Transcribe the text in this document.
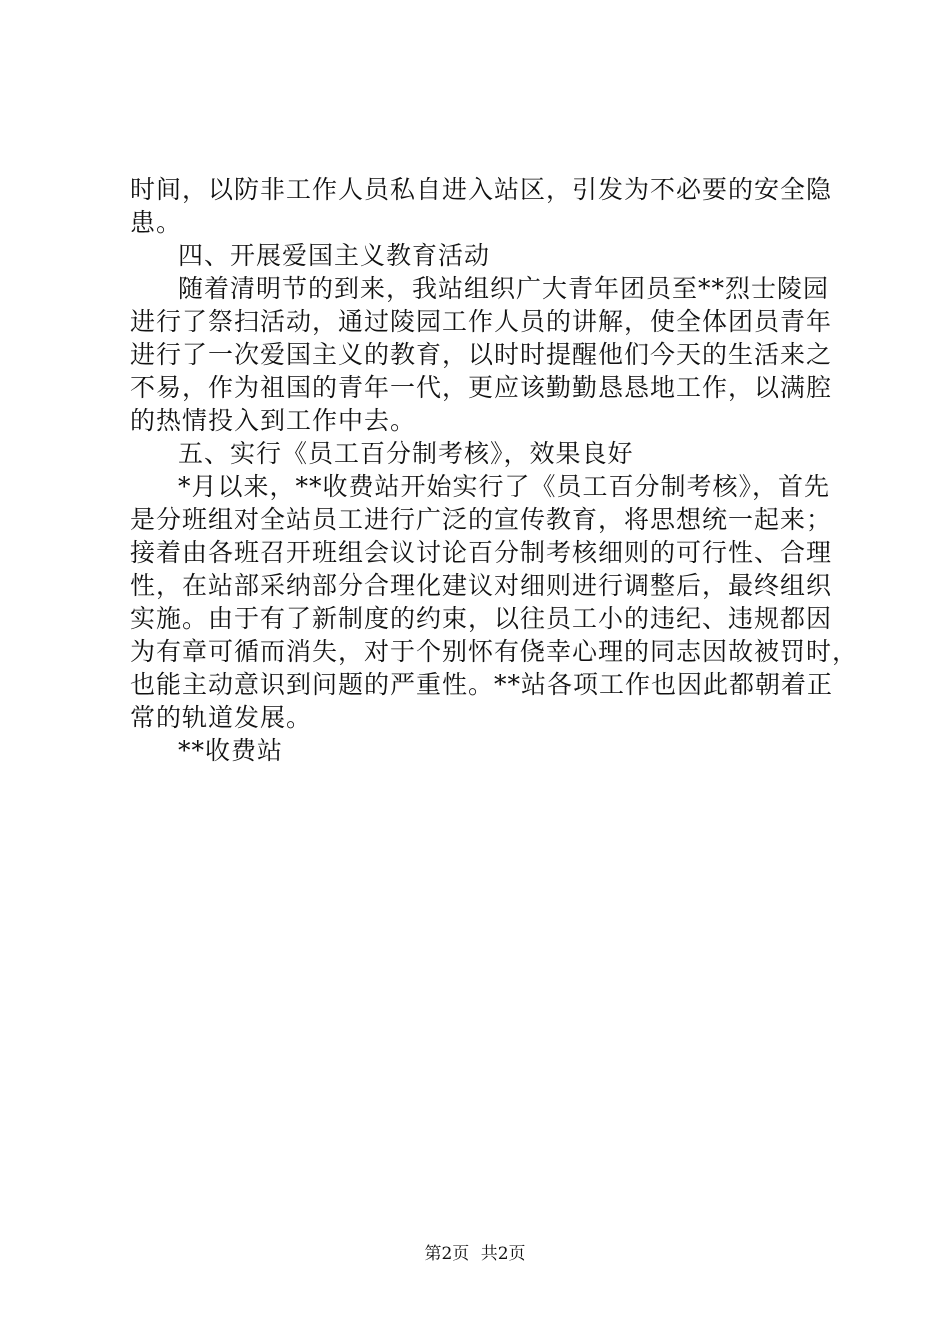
时间，以防非工作人员私自进入站区，引发为不必要的安全隐
患。
四、开展爱国主义教育活动
随着清明节的到来，我站组织广大青年团员至**烈士陵园
进行了祭扫活动，通过陵园工作人员的讲解，使全体团员青年
进行了一次爱国主义的教育，以时时提醒他们今天的生活来之
不易，作为祖国的青年一代，更应该勤勤恳恳地工作，以满腔
的热情投入到工作中去。
五、实行《员工百分制考核》，效果良好
*月以来，**收费站开始实行了《员工百分制考核》，首先
是分班组对全站员工进行广泛的宣传教育，将思想统一起来；
接着由各班召开班组会议讨论百分制考核细则的可行性、合理
性，在站部采纳部分合理化建议对细则进行调整后，最终组织
实施。由于有了新制度的约束，以往员工小的违纪、违规都因
为有章可循而消失，对于个别怀有侥幸心理的同志因故被罚时，
也能主动意识到问题的严重性。**站各项工作也因此都朝着正
常的轨道发展。
**收费站
第2页 共2页
